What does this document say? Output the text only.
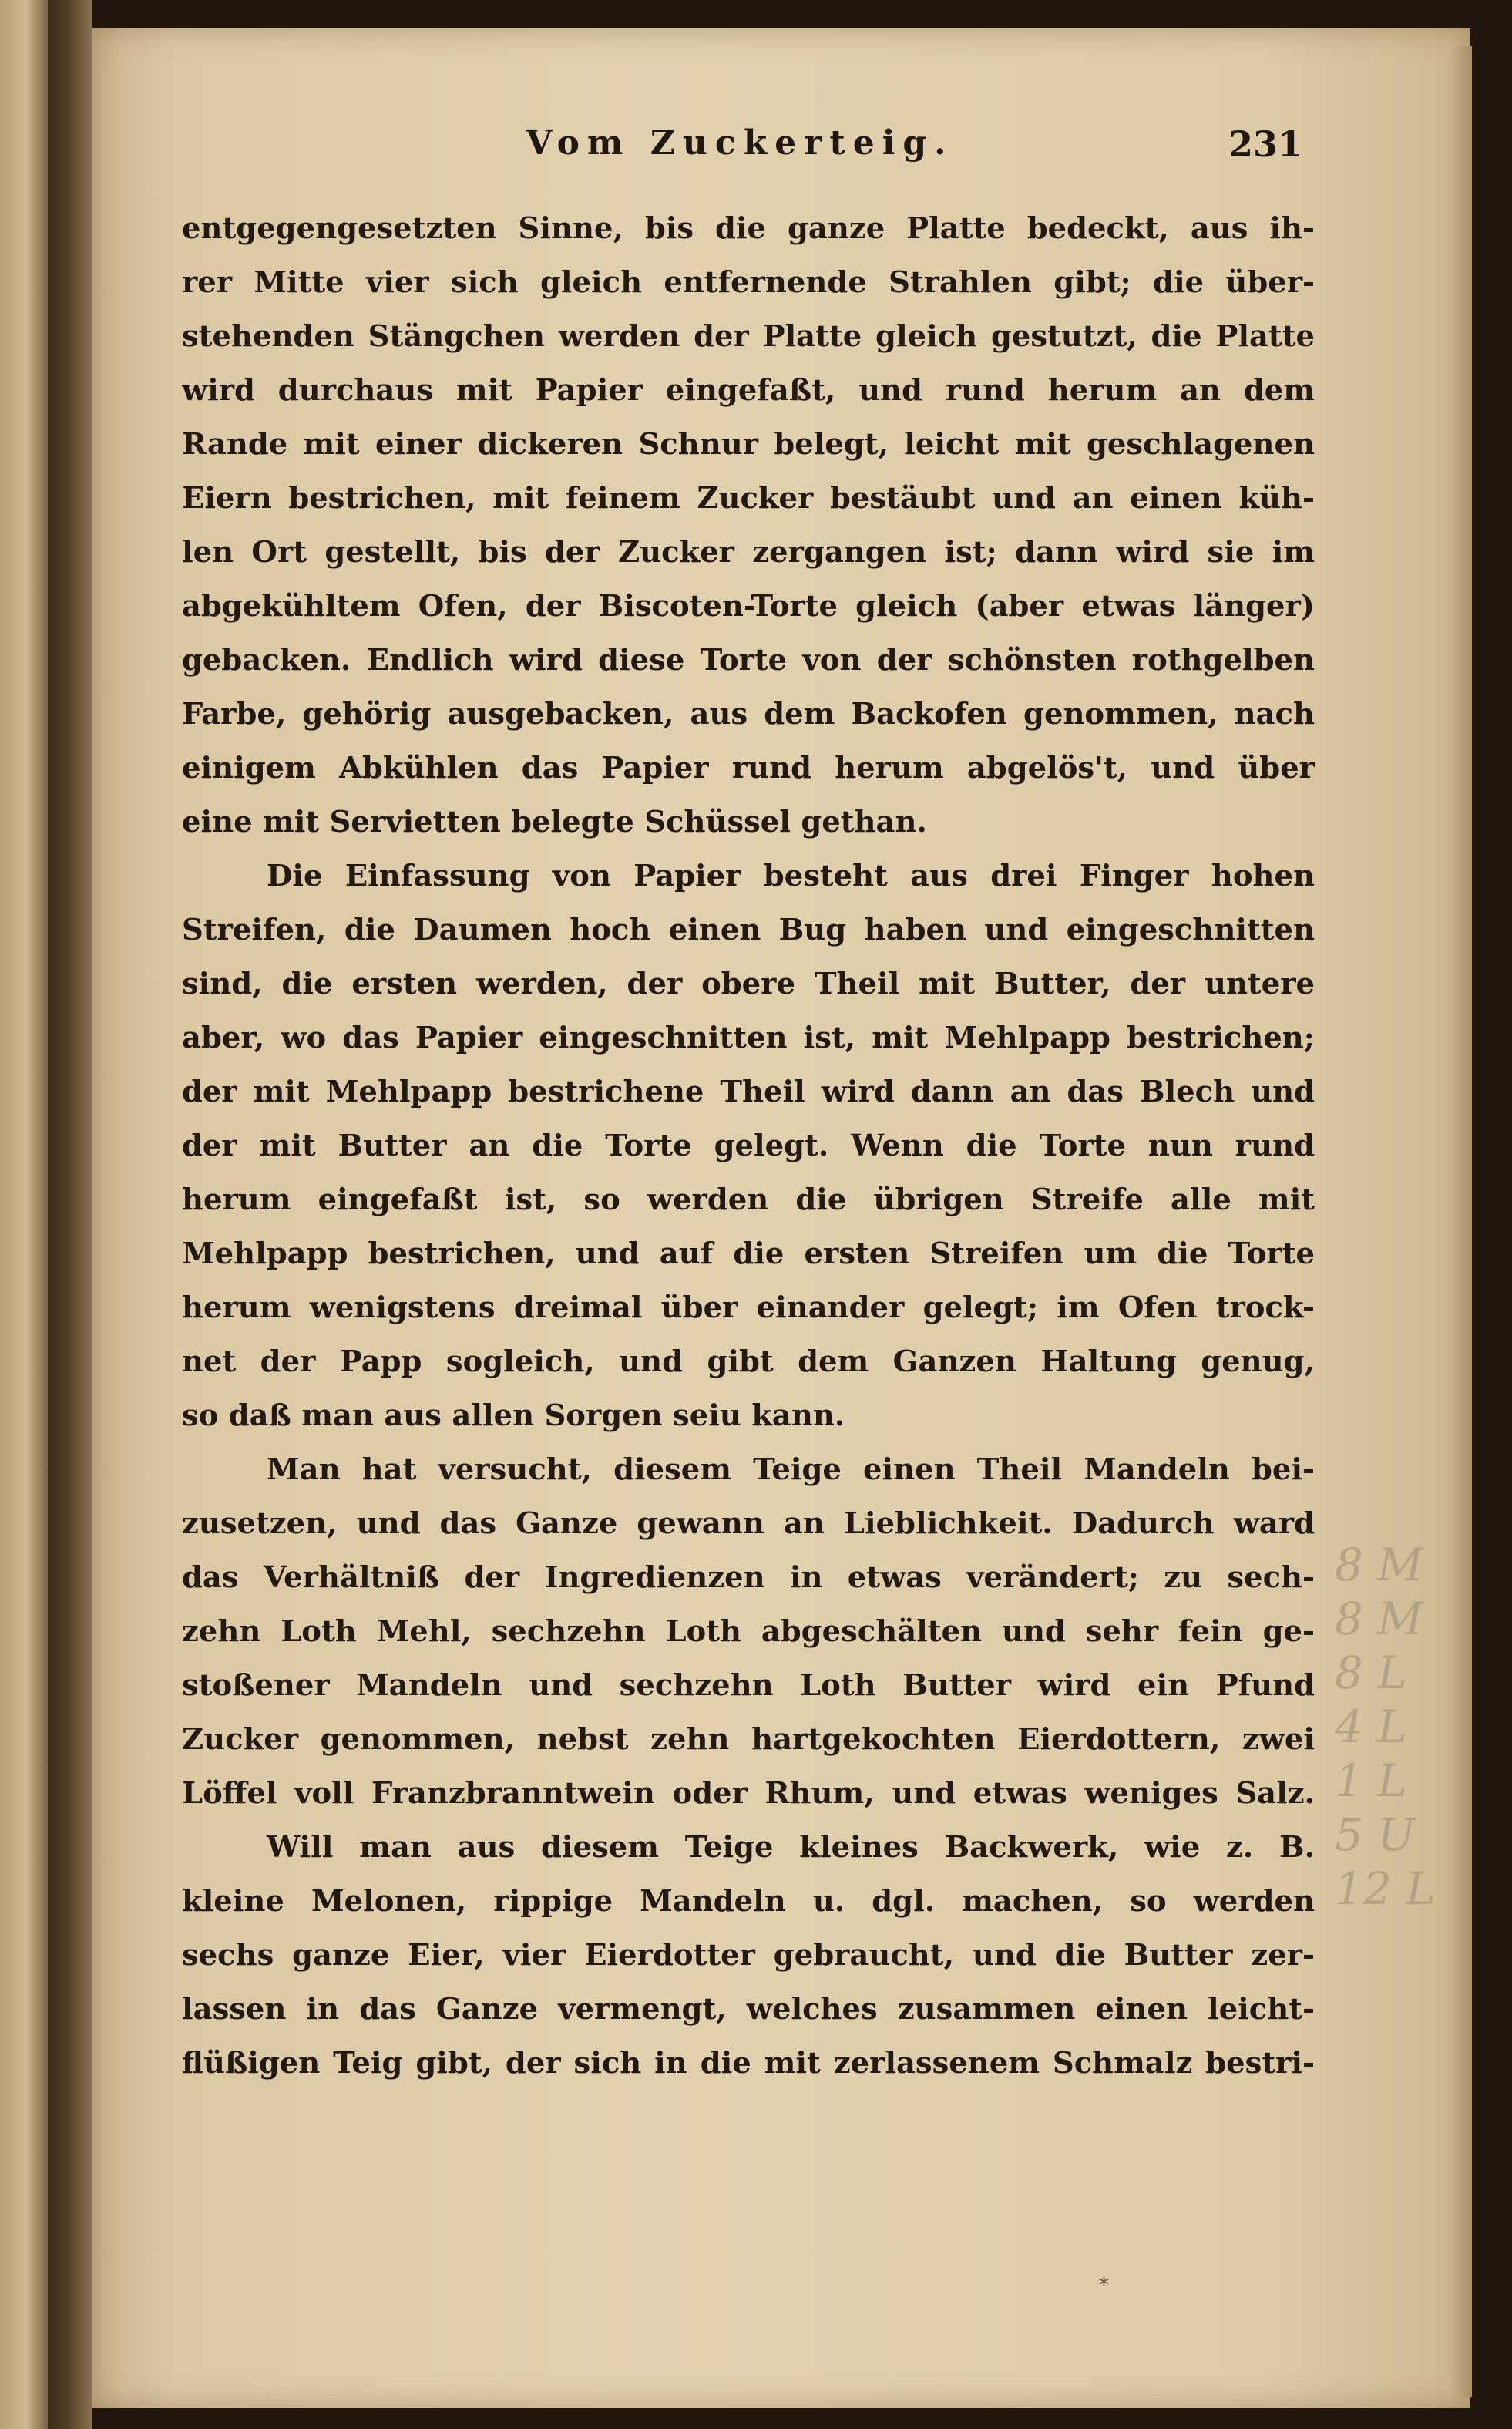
Vom Zuckerteig.	231
entgegengesetzten Sinne, bis die ganze Platte bedeckt, aus ih-
rer Mitte vier sich gleich entfernende Strahlen gibt; die über-
stehenden Stängchen werden der Platte gleich gestutzt, die Platte
wird durchaus mit Papier eingefaßt, und rund herum an dem
Rande mit einer dickeren Schnur belegt, leicht mit geschlagenen
Eiern bestrichen, mit feinem Zucker bestäubt und an einen küh-
len Ort gestellt, bis der Zucker zergangen ist; dann wird sie im
abgekühltem Ofen, der Biscoten-Torte gleich (aber etwas länger)
gebacken. Endlich wird diese Torte von der schönsten rothgelben
Farbe, gehörig ausgebacken, aus dem Backofen genommen, nach
einigem Abkühlen das Papier rund herum abgelös't, und über
eine mit Servietten belegte Schüssel gethan.
Die Einfassung von Papier besteht aus drei Finger hohen
Streifen, die Daumen hoch einen Bug haben und eingeschnitten
sind, die ersten werden, der obere Theil mit Butter, der untere
aber, wo das Papier eingeschnitten ist, mit Mehlpapp bestrichen;
der mit Mehlpapp bestrichene Theil wird dann an das Blech und
der mit Butter an die Torte gelegt. Wenn die Torte nun rund
herum eingefaßt ist, so werden die übrigen Streife alle mit
Mehlpapp bestrichen, und auf die ersten Streifen um die Torte
herum wenigstens dreimal über einander gelegt; im Ofen trock-
net der Papp sogleich, und gibt dem Ganzen Haltung genug,
so daß man aus allen Sorgen seiu kann.
Man hat versucht, diesem Teige einen Theil Mandeln bei-
zusetzen, und das Ganze gewann an Lieblichkeit. Dadurch ward
das Verhältniß der Ingredienzen in etwas verändert; zu sech-
zehn Loth Mehl, sechzehn Loth abgeschälten und sehr fein ge-
stoßener Mandeln und sechzehn Loth Butter wird ein Pfund
Zucker genommen, nebst zehn hartgekochten Eierdottern, zwei
Löffel voll Franzbranntwein oder Rhum, und etwas weniges Salz.
Will man aus diesem Teige kleines Backwerk, wie z. B.
kleine Melonen, rippige Mandeln u. dgl. machen, so werden
sechs ganze Eier, vier Eierdotter gebraucht, und die Butter zer-
lassen in das Ganze vermengt, welches zusammen einen leicht-
flüßigen Teig gibt, der sich in die mit zerlassenem Schmalz bestri-
8 M
8 M
8 L
4 L
1 L
5 U
12 L
*
